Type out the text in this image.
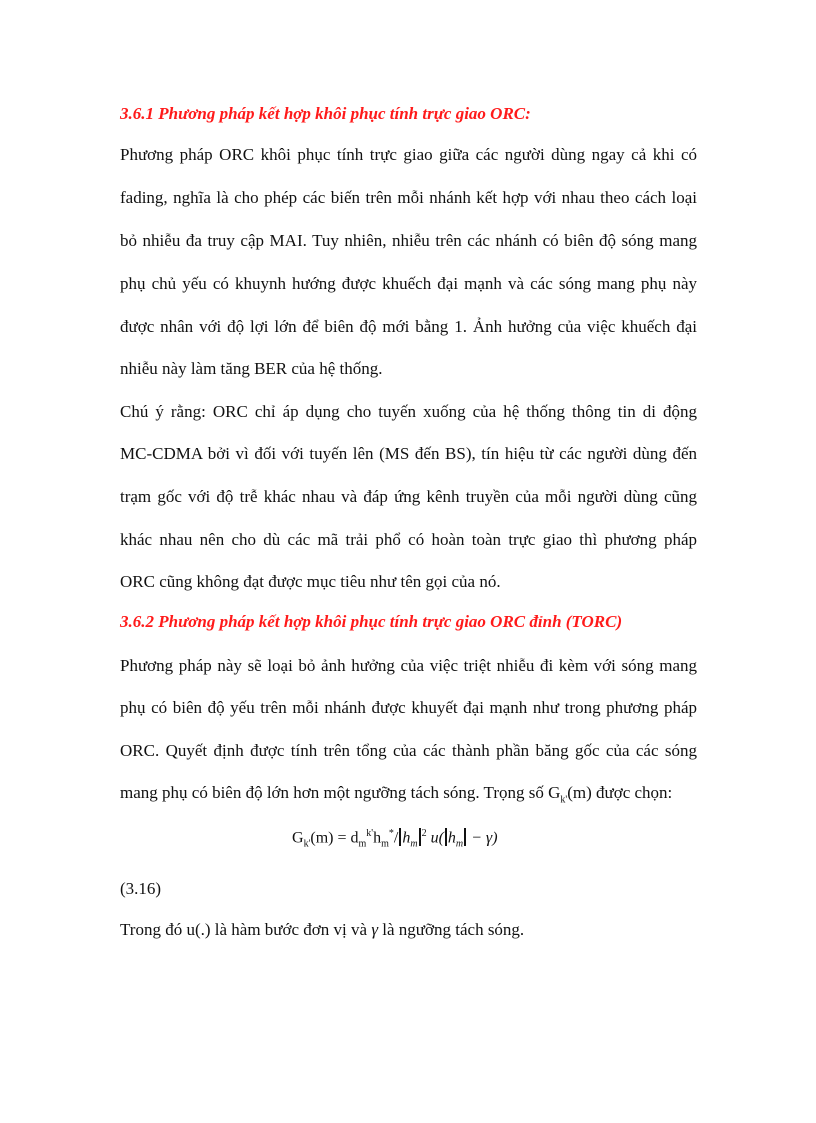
3.6.1 Phương pháp kết hợp khôi phục tính trực giao ORC:

Phương pháp ORC khôi phục tính trực giao giữa các người dùng ngay cả khi có

fading, nghĩa là cho phép các biến trên mỗi nhánh kết hợp với nhau theo cách loại

bỏ nhiễu đa truy cập MAI. Tuy nhiên, nhiễu trên các nhánh có biên độ sóng mang

phụ chủ yếu có khuynh hướng được khuếch đại mạnh và các sóng mang phụ này

được nhân với độ lợi lớn để biên độ mới bằng 1. Ảnh hưởng của việc khuếch đại

nhiễu này làm tăng BER của hệ thống.

Chú ý rằng: ORC chỉ áp dụng cho tuyến xuống của hệ thống thông tin di động

MC-CDMA bởi vì đối với tuyến lên (MS đến BS), tín hiệu từ các người dùng đến

trạm gốc với độ trễ khác nhau và đáp ứng kênh truyền của mỗi người dùng cũng

khác nhau nên cho dù các mã trải phổ có hoàn toàn trực giao thì phương pháp

ORC cũng không đạt được mục tiêu như tên gọi của nó.

3.6.2 Phương pháp kết hợp khôi phục tính trực giao ORC đỉnh (TORC)

Phương pháp này sẽ loại bỏ ảnh hưởng của việc triệt nhiễu đi kèm với sóng mang

phụ có biên độ yếu trên mỗi nhánh được khuyết đại mạnh như trong phương pháp

ORC. Quyết định được tính trên tổng của các thành phần băng gốc của các sóng

mang phụ có biên độ lớn hơn một ngưỡng tách sóng. Trọng số $G_{k'}(m)$ được chọn:

$G_{k'}(m) = d_m^{k'}h_m^*/$ $h_m^2$ u( $h_m - \gamma$)

(3.16)

Trong đó u(.) là hàm bước đơn vị và γ là ngưỡng tách sóng.
